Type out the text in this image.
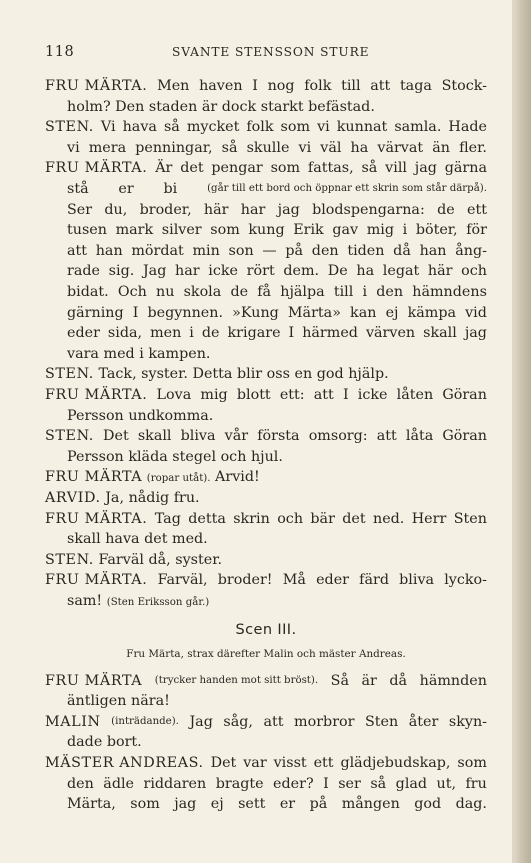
118	SVANTE STENSSON STURE
FRU MÄRTA. Men haven I nog folk till att taga Stock-
holm? Den staden är dock starkt befästad.
STEN. Vi hava så mycket folk som vi kunnat samla. Hade
vi mera penningar, så skulle vi väl ha värvat än fler.
FRU MÄRTA. Är det pengar som fattas, så vill jag gärna
stå er bi	(går till ett bord och öppnar ett skrin som står därpå).
Ser du, broder, här har jag blodspengarna: de ett
tusen mark silver som kung Erik gav mig i böter, för
att han mördat min son — på den tiden då han ång-
rade sig. Jag har icke rört dem. De ha legat här och
bidat. Och nu skola de få hjälpa till i den hämndens
gärning I begynnen. »Kung Märta» kan ej kämpa vid
eder sida, men i de krigare I härmed värven skall jag
vara med i kampen.
STEN. Tack, syster. Detta blir oss en god hjälp.
FRU MÄRTA. Lova mig blott ett: att I icke låten Göran
Persson undkomma.
STEN. Det skall bliva vår första omsorg: att låta Göran
Persson kläda stegel och hjul.
FRU MÄRTA (ropar utåt). Arvid!
ARVID. Ja, nådig fru.
FRU MÄRTA. Tag detta skrin och bär det ned. Herr Sten
skall hava det med.
STEN. Farväl då, syster.
FRU MÄRTA. Farväl, broder! Må eder färd bliva lycko-
sam! (Sten Eriksson går.)
Scen III.
Fru Märta, strax därefter Malin och mäster Andreas.
FRU MÄRTA (trycker handen mot sitt bröst). Så är då hämnden
äntligen nära!
MALIN (inträdande). Jag såg, att morbror Sten åter skyn-
dade bort.
MÄSTER ANDREAS. Det var visst ett glädjebudskap, som
den ädle riddaren bragte eder? I ser så glad ut, fru
Märta, som jag ej sett er på mången god dag.
